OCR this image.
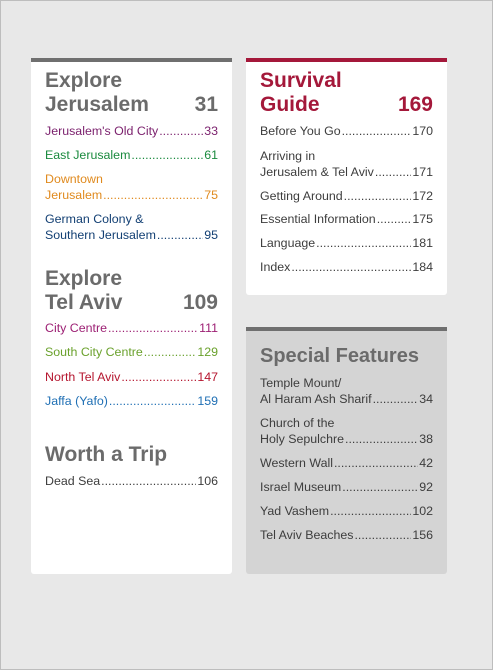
Explore
Jerusalem 31
Jerusalem's Old City .....	33
East Jerusalem .....	61
Downtown
Jerusalem .....	75
German Colony &
Southern Jerusalem .....	95
Explore
Tel Aviv	109
City Centre .....	111
South City Centre .....	129
North Tel Aviv .....	147
Jaffa (Yafo) .....	159
Worth a Trip
Dead Sea .....	106
Survival
Guide	169
Before You Go .....	170
Arriving in
Jerusalem & Tel Aviv .....	171
Getting Around .....	172
Essential Information .....	175
Language .....	181
Index .....	184
Special Features
Temple Mount/
Al Haram Ash Sharif .....	34
Church of the
Holy Sepulchre .....	38
Western Wall .....	42
Israel Museum .....	92
Yad Vashem .....	102
Tel Aviv Beaches .....	156
